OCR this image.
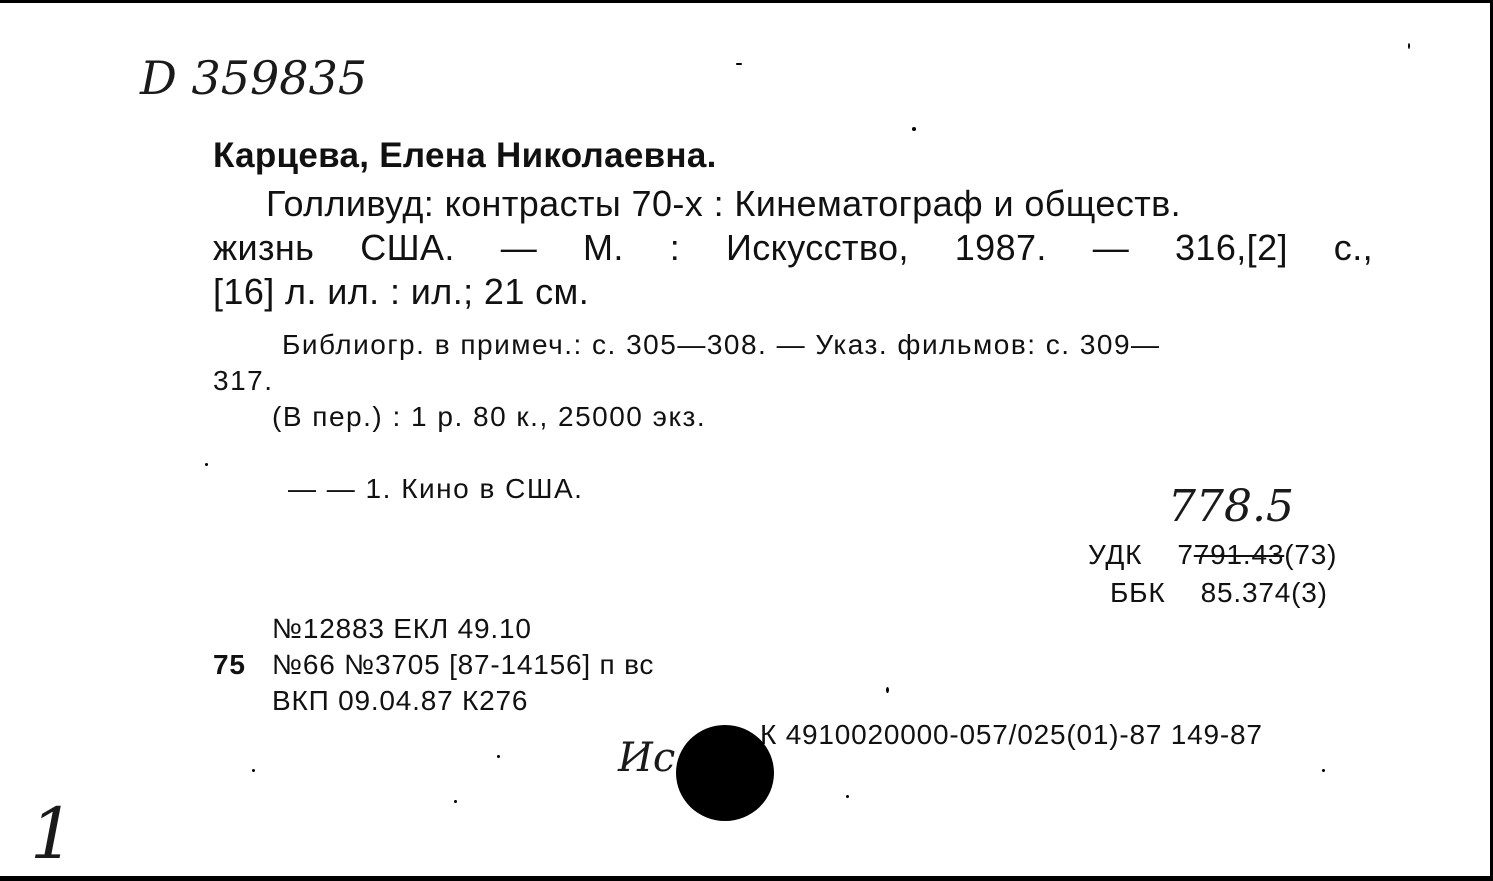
D 359835
Карцева, Елена Николаевна.
Голливуд: контрасты 70-х : Кинематограф и обществ.
жизнь США. — М. : Искусство, 1987. — 316,[2] с.,
[16] л. ил. : ил.; 21 см.
Библиогр. в примеч.: с. 305—308. — Указ. фильмов: с. 309—
317.
(В пер.) : 1 р. 80 к., 25000 экз.
— — 1. Кино в США.	778.5
УДК 7791.43(73)
ББК 85.374(3)
№12883 ЕКЛ 49.10
75 №66 №3705 [87-14156] п вс
ВКП 09.04.87 К276
К 4910020000-057/025(01)-87 149-87
Ис
1
